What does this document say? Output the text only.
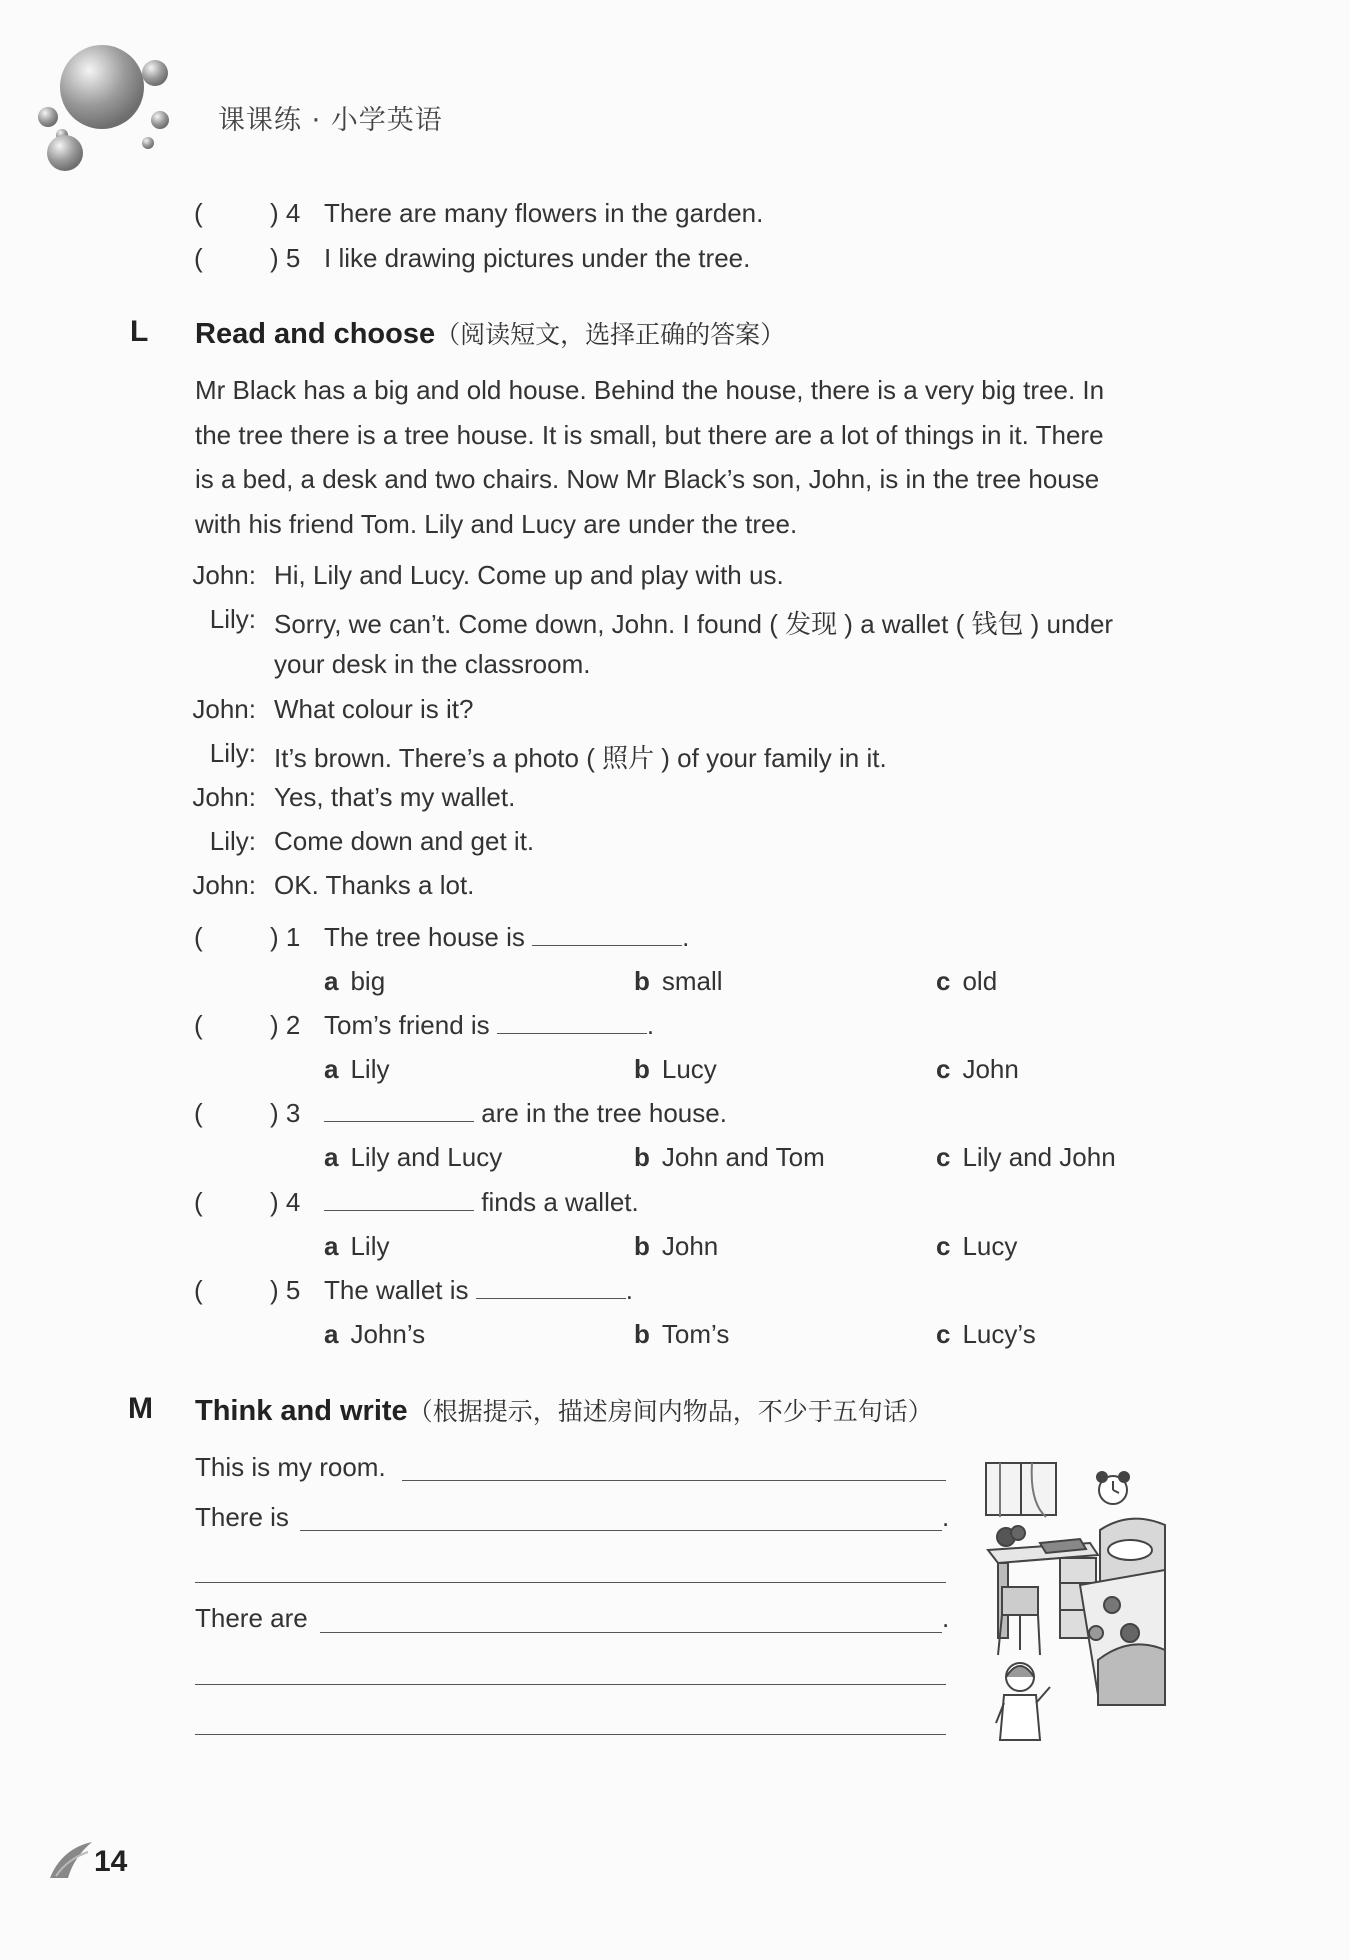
课课练 · 小学英语
(	) 4 There are many flowers in the garden.
(	) 5 I like drawing pictures under the tree.
L Read and choose（阅读短文，选择正确的答案）
Mr Black has a big and old house. Behind the house, there is a very big tree. In
the tree there is a tree house. It is small, but there are a lot of things in it. There
is a bed, a desk and two chairs. Now Mr Black’s son, John, is in the tree house
with his friend Tom. Lily and Lucy are under the tree.
John: Hi, Lily and Lucy. Come up and play with us.
Lily: Sorry, we can’t. Come down, John. I found ( 发现 ) a wallet ( 钱包 ) under
your desk in the classroom.
John: What colour is it?
Lily: It’s brown. There’s a photo ( 照片 ) of your family in it.
John: Yes, that’s my wallet.
Lily: Come down and get it.
John: OK. Thanks a lot.
(	) 1 The tree house is	.
a big	b small	c old
(	) 2 Tom’s friend is	.
a Lily	b Lucy	c John
(	) 3	are in the tree house.
a Lily and Lucy	b John and Tom	c Lily and John
(	) 4	finds a wallet.
a Lily	b John	c Lucy
(	) 5 The wallet is	.
a John’s	b Tom’s	c Lucy’s
M Think and write（根据提示，描述房间内物品，不少于五句话）
This is my room.
There is	.
There are	.
14
